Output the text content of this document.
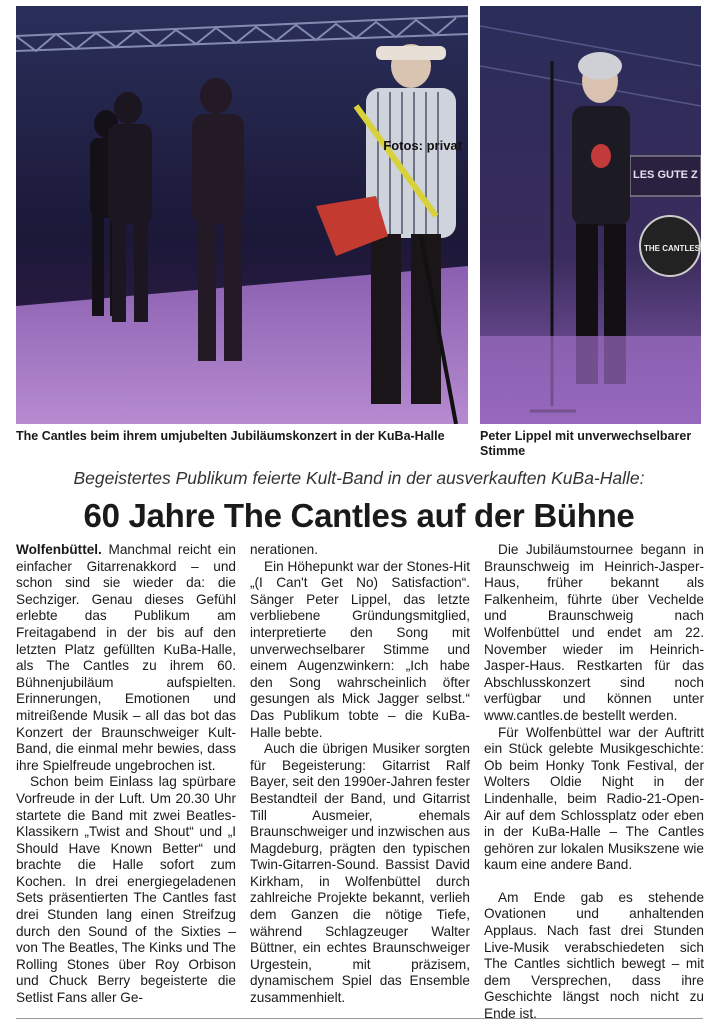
Fotos: privat
LES GUTE Z
THE CANTLES
The Cantles beim ihrem umjubelten Jubiläumskonzert in der KuBa-Halle	Peter Lippel mit unverwechselbarer Stimme
Begeistertes Publikum feierte Kult-Band in der ausverkauften KuBa-Halle:
60 Jahre The Cantles auf der Bühne

Wolfenbüttel. Manchmal reicht ein einfacher Gitarrenakkord – und schon sind sie wieder da: die Sechziger. Genau dieses Gefühl erlebte das Publikum am Freitagabend in der bis auf den letzten Platz gefüllten KuBa-Halle, als The Cantles zu ihrem 60. Bühnenjubiläum aufspielten. Erinnerungen, Emotionen und mitreißende Musik – all das bot das Konzert der Braunschweiger Kult-Band, die einmal mehr bewies, dass ihre Spielfreude ungebrochen ist.

Schon beim Einlass lag spürbare Vorfreude in der Luft. Um 20.30 Uhr startete die Band mit zwei Beatles-Klassikern „Twist and Shout“ und „I Should Have Known Better“ und brachte die Halle sofort zum Kochen. In drei energiegeladenen Sets präsentierten The Cantles fast drei Stunden lang einen Streifzug durch den Sound of the Sixties – von The Beatles, The Kinks und The Rolling Stones über Roy Orbison und Chuck Berry begeisterte die Setlist Fans aller Ge-

nerationen.

Ein Höhepunkt war der Stones-Hit „(I Can't Get No) Satisfaction“. Sänger Peter Lippel, das letzte verbliebene Gründungsmitglied, interpretierte den Song mit unverwechselbarer Stimme und einem Augenzwinkern: „Ich habe den Song wahrscheinlich öfter gesungen als Mick Jagger selbst.“ Das Publikum tobte – die KuBa-Halle bebte.

Auch die übrigen Musiker sorgten für Begeisterung: Gitarrist Ralf Bayer, seit den 1990er-Jahren fester Bestandteil der Band, und Gitarrist Till Ausmeier, ehemals Braunschweiger und inzwischen aus Magdeburg, prägten den typischen Twin-Gitarren-Sound. Bassist David Kirkham, in Wolfenbüttel durch zahlreiche Projekte bekannt, verlieh dem Ganzen die nötige Tiefe, während Schlagzeuger Walter Büttner, ein echtes Braunschweiger Urgestein, mit präzisem, dynamischem Spiel das Ensemble zusammenhielt.

Die Jubiläumstournee begann in Braunschweig im Heinrich-Jasper-Haus, früher bekannt als Falkenheim, führte über Vechelde und Braunschweig nach Wolfenbüttel und endet am 22. November wieder im Heinrich-Jasper-Haus. Restkarten für das Abschlusskonzert sind noch verfügbar und können unter www.cantles.de bestellt werden.

Für Wolfenbüttel war der Auftritt ein Stück gelebte Musikgeschichte: Ob beim Honky Tonk Festival, der Wolters Oldie Night in der Lindenhalle, beim Radio-21-Open-Air auf dem Schlossplatz oder eben in der KuBa-Halle – The Cantles gehören zur lokalen Musikszene wie kaum eine andere Band.

Am Ende gab es stehende Ovationen und anhaltenden Applaus. Nach fast drei Stunden Live-Musik verabschiedeten sich The Cantles sichtlich bewegt – mit dem Versprechen, dass ihre Geschichte längst noch nicht zu Ende ist.
